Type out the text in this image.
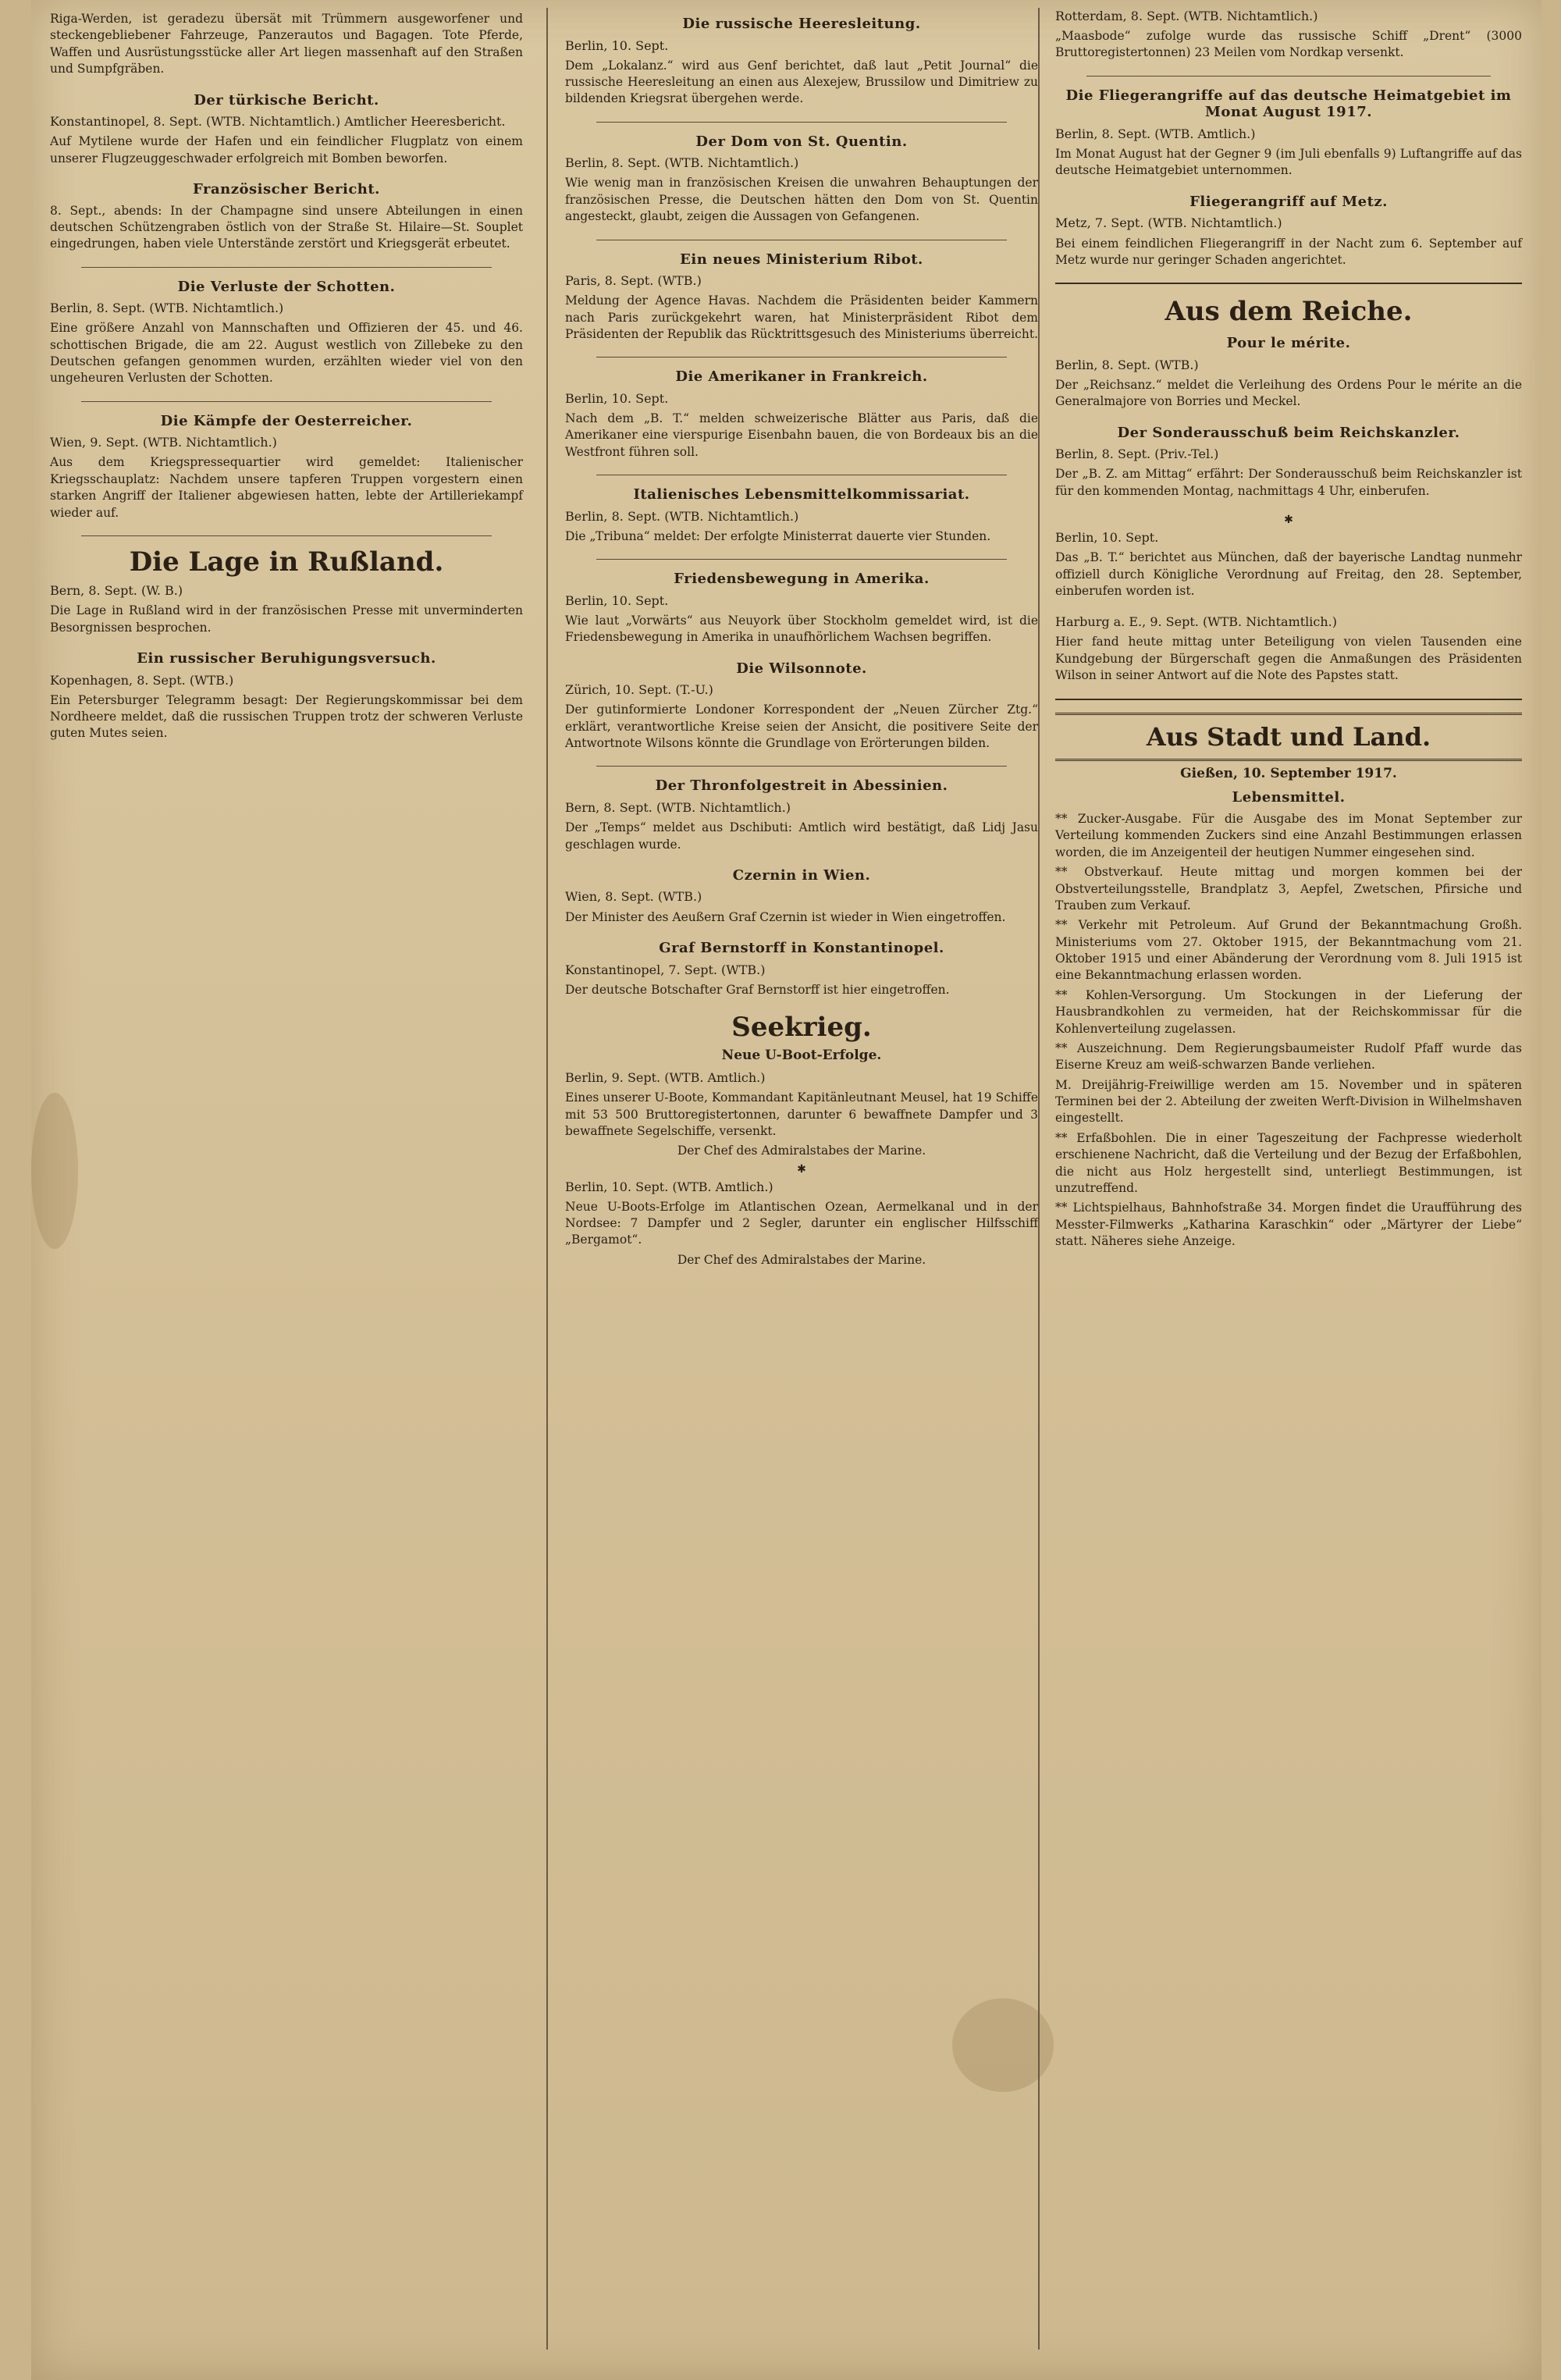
Riga-Werden, ist geradezu übersät mit Trümmern ausgeworfener und steckengebliebener Fahrzeuge, Panzerautos und Bagagen. Tote Pferde, Waffen und Ausrüstungsstücke aller Art liegen massenhaft auf den Straßen und Sumpfgräben.

Der türkische Bericht.

Konstantinopel, 8. Sept. (WTB. Nichtamtlich.) Amtlicher Heeresbericht.

Auf Mytilene wurde der Hafen und ein feindlicher Flugplatz von einem unserer Flugzeuggeschwader erfolgreich mit Bomben beworfen.

Französischer Bericht.

8. Sept., abends: In der Champagne sind unsere Abteilungen in einen deutschen Schützengraben östlich von der Straße St. Hilaire—St. Souplet eingedrungen, haben viele Unterstände zerstört und Kriegsgerät erbeutet.

Die Verluste der Schotten.

Berlin, 8. Sept. (WTB. Nichtamtlich.)

Eine größere Anzahl von Mannschaften und Offizieren der 45. und 46. schottischen Brigade, die am 22. August westlich von Zillebeke zu den Deutschen gefangen genommen wurden, erzählten wieder viel von den ungeheuren Verlusten der Schotten.

Die Kämpfe der Oesterreicher.

Wien, 9. Sept. (WTB. Nichtamtlich.)

Aus dem Kriegspressequartier wird gemeldet: Italienischer Kriegsschauplatz: Nachdem unsere tapferen Truppen vorgestern einen starken Angriff der Italiener abgewiesen hatten, lebte der Artilleriekampf wieder auf.

Die Lage in Rußland.

Bern, 8. Sept. (W. B.)

Die Lage in Rußland wird in der französischen Presse mit unverminderten Besorgnissen besprochen.

Ein russischer Beruhigungsversuch.

Kopenhagen, 8. Sept. (WTB.)

Ein Petersburger Telegramm besagt: Der Regierungskommissar bei dem Nordheere meldet, daß die russischen Truppen trotz der schweren Verluste guten Mutes seien.

Die russische Heeresleitung.

Berlin, 10. Sept.

Dem „Lokalanz.“ wird aus Genf berichtet, daß laut „Petit Journal“ die russische Heeresleitung an einen aus Alexejew, Brussilow und Dimitriew zu bildenden Kriegsrat übergehen werde.

Der Dom von St. Quentin.

Berlin, 8. Sept. (WTB. Nichtamtlich.)

Wie wenig man in französischen Kreisen die unwahren Behauptungen der französischen Presse, die Deutschen hätten den Dom von St. Quentin angesteckt, glaubt, zeigen die Aussagen von Gefangenen.

Ein neues Ministerium Ribot.

Paris, 8. Sept. (WTB.)

Meldung der Agence Havas. Nachdem die Präsidenten beider Kammern nach Paris zurückgekehrt waren, hat Ministerpräsident Ribot dem Präsidenten der Republik das Rücktrittsgesuch des Ministeriums überreicht.

Die Amerikaner in Frankreich.

Berlin, 10. Sept.

Nach dem „B. T.“ melden schweizerische Blätter aus Paris, daß die Amerikaner eine vierspurige Eisenbahn bauen, die von Bordeaux bis an die Westfront führen soll.

Italienisches Lebensmittelkommissariat.

Berlin, 8. Sept. (WTB. Nichtamtlich.)

Die „Tribuna“ meldet: Der erfolgte Ministerrat dauerte vier Stunden.

Friedensbewegung in Amerika.

Berlin, 10. Sept.

Wie laut „Vorwärts“ aus Neuyork über Stockholm gemeldet wird, ist die Friedensbewegung in Amerika in unaufhörlichem Wachsen begriffen.

Die Wilsonnote.

Zürich, 10. Sept. (T.-U.)

Der gutinformierte Londoner Korrespondent der „Neuen Zürcher Ztg.“ erklärt, verantwortliche Kreise seien der Ansicht, die positivere Seite der Antwortnote Wilsons könnte die Grundlage von Erörterungen bilden.

Der Thronfolgestreit in Abessinien.

Bern, 8. Sept. (WTB. Nichtamtlich.)

Der „Temps“ meldet aus Dschibuti: Amtlich wird bestätigt, daß Lidj Jasu geschlagen wurde.

Czernin in Wien.

Wien, 8. Sept. (WTB.)

Der Minister des Aeußern Graf Czernin ist wieder in Wien eingetroffen.

Graf Bernstorff in Konstantinopel.

Konstantinopel, 7. Sept. (WTB.)

Der deutsche Botschafter Graf Bernstorff ist hier eingetroffen.

Seekrieg.
Neue U-Boot-Erfolge.

Berlin, 9. Sept. (WTB. Amtlich.)

Eines unserer U-Boote, Kommandant Kapitänleutnant Meusel, hat 19 Schiffe mit 53 500 Bruttoregistertonnen, darunter 6 bewaffnete Dampfer und 3 bewaffnete Segelschiffe, versenkt.

Der Chef des Admiralstabes der Marine.

✱

Berlin, 10. Sept. (WTB. Amtlich.)

Neue U-Boots-Erfolge im Atlantischen Ozean, Aermelkanal und in der Nordsee: 7 Dampfer und 2 Segler, darunter ein englischer Hilfsschiff „Bergamot“.

Der Chef des Admiralstabes der Marine.

Rotterdam, 8. Sept. (WTB. Nichtamtlich.)

„Maasbode“ zufolge wurde das russische Schiff „Drent“ (3000 Bruttoregistertonnen) 23 Meilen vom Nordkap versenkt.

Die Fliegerangriffe auf das deutsche Heimatgebiet im Monat August 1917.

Berlin, 8. Sept. (WTB. Amtlich.)

Im Monat August hat der Gegner 9 (im Juli ebenfalls 9) Luftangriffe auf das deutsche Heimatgebiet unternommen.

Fliegerangriff auf Metz.

Metz, 7. Sept. (WTB. Nichtamtlich.)

Bei einem feindlichen Fliegerangriff in der Nacht zum 6. September auf Metz wurde nur geringer Schaden angerichtet.

Aus dem Reiche.
Pour le mérite.

Berlin, 8. Sept. (WTB.)

Der „Reichsanz.“ meldet die Verleihung des Ordens Pour le mérite an die Generalmajore von Borries und Meckel.

Der Sonderausschuß beim Reichskanzler.

Berlin, 8. Sept. (Priv.-Tel.)

Der „B. Z. am Mittag“ erfährt: Der Sonderausschuß beim Reichskanzler ist für den kommenden Montag, nachmittags 4 Uhr, einberufen.

✱

Berlin, 10. Sept.

Das „B. T.“ berichtet aus München, daß der bayerische Landtag nunmehr offiziell durch Königliche Verordnung auf Freitag, den 28. September, einberufen worden ist.

Harburg a. E., 9. Sept. (WTB. Nichtamtlich.)

Hier fand heute mittag unter Beteiligung von vielen Tausenden eine Kundgebung der Bürgerschaft gegen die Anmaßungen des Präsidenten Wilson in seiner Antwort auf die Note des Papstes statt.

Aus Stadt und Land.
Gießen, 10. September 1917.
Lebensmittel.

** Zucker-Ausgabe. Für die Ausgabe des im Monat September zur Verteilung kommenden Zuckers sind eine Anzahl Bestimmungen erlassen worden, die im Anzeigenteil der heutigen Nummer eingesehen sind.

** Obstverkauf. Heute mittag und morgen kommen bei der Obstverteilungsstelle, Brandplatz 3, Aepfel, Zwetschen, Pfirsiche und Trauben zum Verkauf.

** Verkehr mit Petroleum. Auf Grund der Bekanntmachung Großh. Ministeriums vom 27. Oktober 1915, der Bekanntmachung vom 21. Oktober 1915 und einer Abänderung der Verordnung vom 8. Juli 1915 ist eine Bekanntmachung erlassen worden.

** Kohlen-Versorgung. Um Stockungen in der Lieferung der Hausbrandkohlen zu vermeiden, hat der Reichskommissar für die Kohlenverteilung zugelassen.

** Auszeichnung. Dem Regierungsbaumeister Rudolf Pfaff wurde das Eiserne Kreuz am weiß-schwarzen Bande verliehen.

M. Dreijährig-Freiwillige werden am 15. November und in späteren Terminen bei der 2. Abteilung der zweiten Werft-Division in Wilhelmshaven eingestellt.

** Erfaßbohlen. Die in einer Tageszeitung der Fachpresse wiederholt erschienene Nachricht, daß die Verteilung und der Bezug der Erfaßbohlen, die nicht aus Holz hergestellt sind, unterliegt Bestimmungen, ist unzutreffend.

** Lichtspielhaus, Bahnhofstraße 34. Morgen findet die Uraufführung des Messter-Filmwerks „Katharina Karaschkin“ oder „Märtyrer der Liebe“ statt. Näheres siehe Anzeige.
